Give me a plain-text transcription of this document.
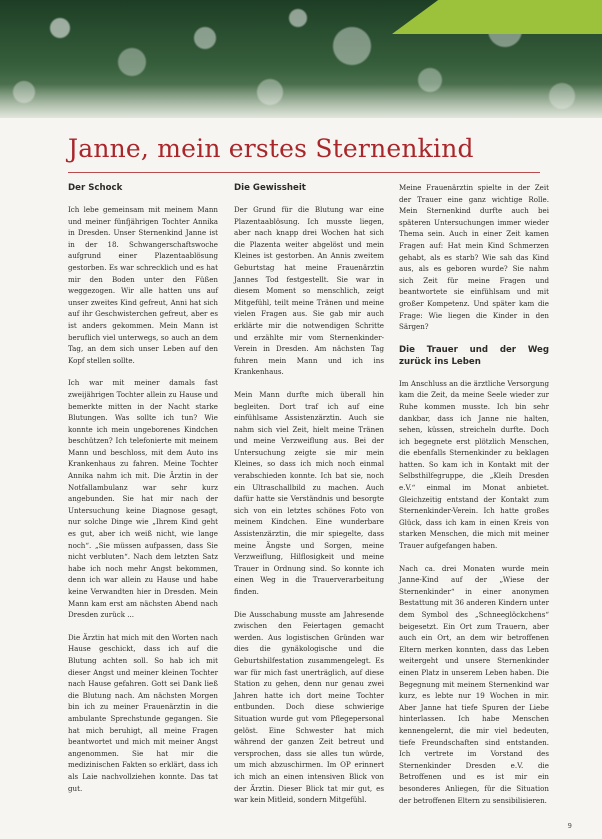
Janne, mein erstes Sternenkind
Der Schock

Ich lebe gemeinsam mit meinem Mann und meiner fünfjährigen Tochter Annika in Dresden. Unser Sternenkind Janne ist in der 18. Schwangerschaftswoche aufgrund einer Plazentaablösung gestorben. Es war schrecklich und es hat mir den Boden unter den Füßen weggezogen. Wir alle hatten uns auf unser zweites Kind gefreut, Anni hat sich auf ihr Geschwisterchen gefreut, aber es ist anders gekommen. Mein Mann ist beruflich viel unterwegs, so auch an dem Tag, an dem sich unser Leben auf den Kopf stellen sollte.

Ich war mit meiner damals fast zweijährigen Tochter allein zu Hause und bemerkte mitten in der Nacht starke Blutungen. Was sollte ich tun? Wie konnte ich mein ungeborenes Kindchen beschützen? Ich telefonierte mit meinem Mann und beschloss, mit dem Auto ins Krankenhaus zu fahren. Meine Tochter Annika nahm ich mit. Die Ärztin in der Notfallambulanz war sehr kurz angebunden. Sie hat mir nach der Untersuchung keine Diagnose gesagt, nur solche Dinge wie „Ihrem Kind geht es gut, aber ich weiß nicht, wie lange noch“. „Sie müssen aufpassen, dass Sie nicht verbluten“. Nach dem letzten Satz habe ich noch mehr Angst bekommen, denn ich war allein zu Hause und habe keine Verwandten hier in Dresden. Mein Mann kam erst am nächsten Abend nach Dresden zurück ...

Die Ärztin hat mich mit den Worten nach Hause geschickt, dass ich auf die Blutung achten soll. So hab ich mit dieser Angst und meiner kleinen Tochter nach Hause gefahren. Gott sei Dank ließ die Blutung nach. Am nächsten Morgen bin ich zu meiner Frauenärztin in die ambulante Sprechstunde gegangen. Sie hat mich beruhigt, all meine Fragen beantwortet und mich mit meiner Angst angenommen. Sie hat mir die medizinischen Fakten so erklärt, dass ich als Laie nachvollziehen konnte. Das tat gut.

Die Gewissheit

Der Grund für die Blutung war eine Plazentaablösung. Ich musste liegen, aber nach knapp drei Wochen hat sich die Plazenta weiter abgelöst und mein Kleines ist gestorben. An Annis zweitem Geburtstag hat meine Frauenärztin Jannes Tod festgestellt. Sie war in diesem Moment so menschlich, zeigt Mitgefühl, teilt meine Tränen und meine vielen Fragen aus. Sie gab mir auch erklärte mir die notwendigen Schritte und erzählte mir vom Sternenkinder-Verein in Dresden. Am nächsten Tag fuhren mein Mann und ich ins Krankenhaus.

Mein Mann durfte mich überall hin begleiten. Dort traf ich auf eine einfühlsame Assistenzärztin. Auch sie nahm sich viel Zeit, hielt meine Tränen und meine Verzweiflung aus. Bei der Untersuchung zeigte sie mir mein Kleines, so dass ich mich noch einmal verabschieden konnte. Ich bat sie, noch ein Ultraschallbild zu machen. Auch dafür hatte sie Verständnis und besorgte sich von ein letztes schönes Foto von meinem Kindchen. Eine wunderbare Assistenzärztin, die mir spiegelte, dass meine Ängste und Sorgen, meine Verzweiflung, Hilflosigkeit und meine Trauer in Ordnung sind. So konnte ich einen Weg in die Trauerverarbeitung finden.

Die Ausschabung musste am Jahresende zwischen den Feiertagen gemacht werden. Aus logistischen Gründen war dies die gynäkologische und die Geburtshilfestation zusammengelegt. Es war für mich fast unerträglich, auf diese Station zu gehen, denn nur genau zwei Jahren hatte ich dort meine Tochter entbunden. Doch diese schwierige Situation wurde gut vom Pflegepersonal gelöst. Eine Schwester hat mich während der ganzen Zeit betreut und versprochen, dass sie alles tun würde, um mich abzuschirmen. Im OP erinnert ich mich an einen intensiven Blick von der Ärztin. Dieser Blick tat mir gut, es war kein Mitleid, sondern Mitgefühl.

Meine Frauenärztin spielte in der Zeit der Trauer eine ganz wichtige Rolle. Mein Sternenkind durfte auch bei späteren Untersuchungen immer wieder Thema sein. Auch in einer Zeit kamen Fragen auf: Hat mein Kind Schmerzen gehabt, als es starb? Wie sah das Kind aus, als es geboren wurde? Sie nahm sich Zeit für meine Fragen und beantwortete sie einfühlsam und mit großer Kompetenz. Und später kam die Frage: Wie liegen die Kinder in den Särgen?

Die Trauer und der Weg zurück ins Leben

Im Anschluss an die ärztliche Versorgung kam die Zeit, da meine Seele wieder zur Ruhe kommen musste. Ich bin sehr dankbar, dass ich Janne nie halten, sehen, küssen, streicheln durfte. Doch ich begegnete erst plötzlich Menschen, die ebenfalls Sternenkinder zu beklagen hatten. So kam ich in Kontakt mit der Selbsthilfegruppe, die „Kleih Dresden e.V.“ einmal im Monat anbietet. Gleichzeitig entstand der Kontakt zum Sternenkinder-Verein. Ich hatte großes Glück, dass ich kam in einen Kreis von starken Menschen, die mich mit meiner Trauer aufgefangen haben.

Nach ca. drei Monaten wurde mein Janne-Kind auf der „Wiese der Sternenkinder“ in einer anonymen Bestattung mit 36 anderen Kindern unter dem Symbol des „Schneeglöckchens“ beigesetzt. Ein Ort zum Trauern, aber auch ein Ort, an dem wir betroffenen Eltern merken konnten, dass das Leben weitergeht und unsere Sternenkinder einen Platz in unserem Leben haben. Die Begegnung mit meinem Sternenkind war kurz, es lebte nur 19 Wochen in mir. Aber Janne hat tiefe Spuren der Liebe hinterlassen. Ich habe Menschen kennengelernt, die mir viel bedeuten, tiefe Freundschaften sind entstanden. Ich vertrete im Vorstand des Sternenkinder Dresden e.V. die Betroffenen und es ist mir ein besonderes Anliegen, für die Situation der betroffenen Eltern zu sensibilisieren.

9
